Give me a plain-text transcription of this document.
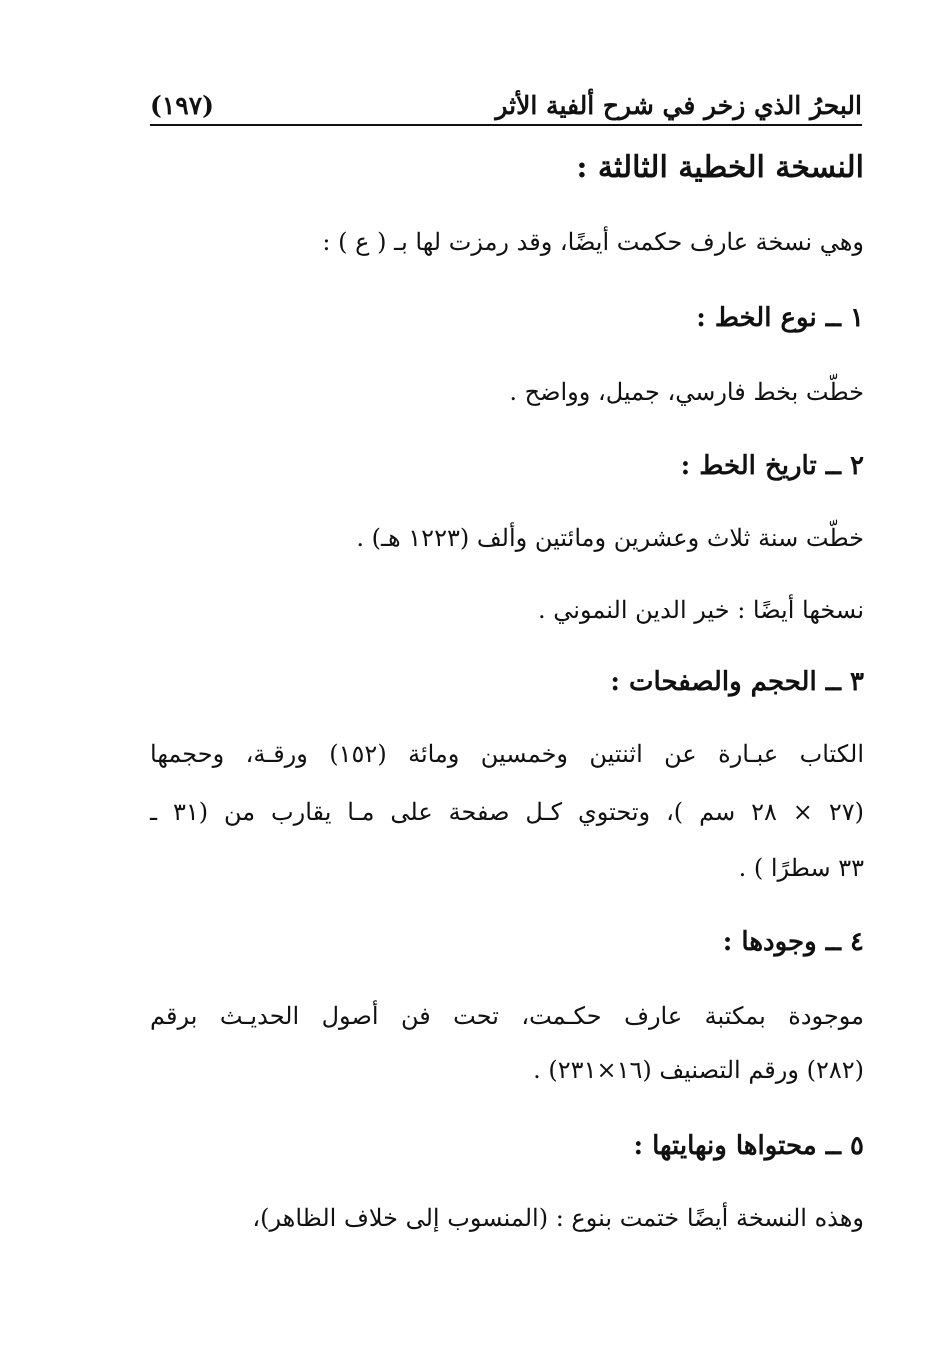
البحرُ الذي زخر في شرح ألفية الأثر
(١٩٧)
النسخة الخطية الثالثة :
وهي نسخة عارف حكمت أيضًا، وقد رمزت لها بـ ( ع ) :
١ ــ نوع الخط :
خطّت بخط فارسي، جميل، وواضح .
٢ ــ تاريخ الخط :
خطّت سنة ثلاث وعشرين ومائتين وألف (١٢٢٣ هـ) .
نسخها أيضًا : خير الدين النموني .
٣ ــ الحجم والصفحات :
الكتاب عبـارة عن اثنتين وخمسين ومائة (١٥٢) ورقـة، وحجمها
(٢٧ × ٢٨ سم )، وتحتوي كـل صفحة على مـا يقارب من (٣١ ـ
٣٣ سطرًا ) .
٤ ــ وجودها :
موجودة بمكتبة عارف حكـمت، تحت فن أصول الحديـث برقم
(٢٨٢) ورقم التصنيف (١٦×٢٣١) .
٥ ــ محتواها ونهايتها :
وهذه النسخة أيضًا ختمت بنوع : (المنسوب إلى خلاف الظاهر)،
